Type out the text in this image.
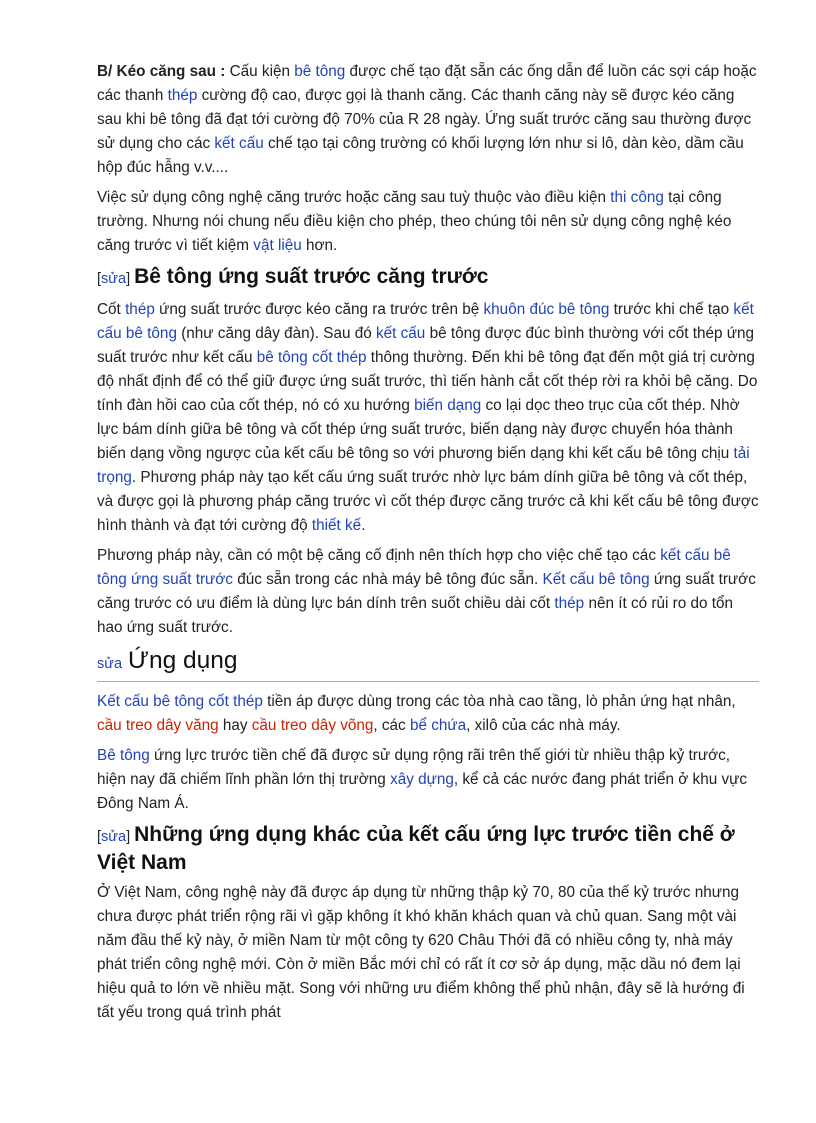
B/ Kéo căng sau : Cấu kiện bê tông được chế tạo đặt sẵn các ống dẫn để luồn các sợi cáp hoặc các thanh thép cường độ cao, được gọi là thanh căng. Các thanh căng này sẽ được kéo căng sau khi bê tông đã đạt tới cường độ 70% của R 28 ngày. Ứng suất trước căng sau thường được sử dụng cho các kết cấu chế tạo tại công trường có khối lượng lớn như si lô, dàn kèo, dầm cầu hộp đúc hẫng v.v....

Việc sử dụng công nghệ căng trước hoặc căng sau tuỳ thuộc vào điều kiện thi công tại công trường. Nhưng nói chung nếu điều kiện cho phép, theo chúng tôi nên sử dụng công nghệ kéo căng trước vì tiết kiệm vật liệu hơn.

[sửa] Bê tông ứng suất trước căng trước

Cốt thép ứng suất trước được kéo căng ra trước trên bệ khuôn đúc bê tông trước khi chế tạo kết cấu bê tông (như căng dây đàn). Sau đó kết cấu bê tông được đúc bình thường với cốt thép ứng suất trước như kết cấu bê tông cốt thép thông thường. Đến khi bê tông đạt đến một giá trị cường độ nhất định để có thể giữ được ứng suất trước, thì tiến hành cắt cốt thép rời ra khỏi bệ căng. Do tính đàn hồi cao của cốt thép, nó có xu hướng biến dạng co lại dọc theo trục của cốt thép. Nhờ lực bám dính giữa bê tông và cốt thép ứng suất trước, biến dạng này được chuyển hóa thành biến dạng vồng ngược của kết cấu bê tông so với phương biến dạng khi kết cấu bê tông chịu tải trọng. Phương pháp này tạo kết cấu ứng suất trước nhờ lực bám dính giữa bê tông và cốt thép, và được gọi là phương pháp căng trước vì cốt thép được căng trước cả khi kết cấu bê tông được hình thành và đạt tới cường độ thiết kế.

Phương pháp này, cần có một bệ căng cố định nên thích hợp cho việc chế tạo các kết cấu bê tông ứng suất trước đúc sẵn trong các nhà máy bê tông đúc sẵn. Kết cấu bê tông ứng suất trước căng trước có ưu điểm là dùng lực bán dính trên suốt chiều dài cốt thép nên ít có rủi ro do tổn hao ứng suất trước.

sửa Ứng dụng

Kết cấu bê tông cốt thép tiền áp được dùng trong các tòa nhà cao tầng, lò phản ứng hạt nhân, cầu treo dây văng hay cầu treo dây võng, các bể chứa, xilô của các nhà máy.

Bê tông ứng lực trước tiền chế đã được sử dụng rộng rãi trên thế giới từ nhiều thập kỷ trước, hiện nay đã chiếm lĩnh phần lớn thị trường xây dựng, kể cả các nước đang phát triển ở khu vực Đông Nam Á.

[sửa] Những ứng dụng khác của kết cấu ứng lực trước tiền chế ở Việt Nam

Ở Việt Nam, công nghệ này đã được áp dụng từ những thập kỷ 70, 80 của thế kỷ trước nhưng chưa được phát triển rộng rãi vì gặp không ít khó khăn khách quan và chủ quan. Sang một vài năm đầu thế kỷ này, ở miền Nam từ một công ty 620 Châu Thới đã có nhiều công ty, nhà máy phát triển công nghệ mới. Còn ở miền Bắc mới chỉ có rất ít cơ sở áp dụng, mặc dầu nó đem lại hiệu quả to lớn về nhiều mặt. Song với những ưu điểm không thể phủ nhận, đây sẽ là hướng đi tất yếu trong quá trình phát
